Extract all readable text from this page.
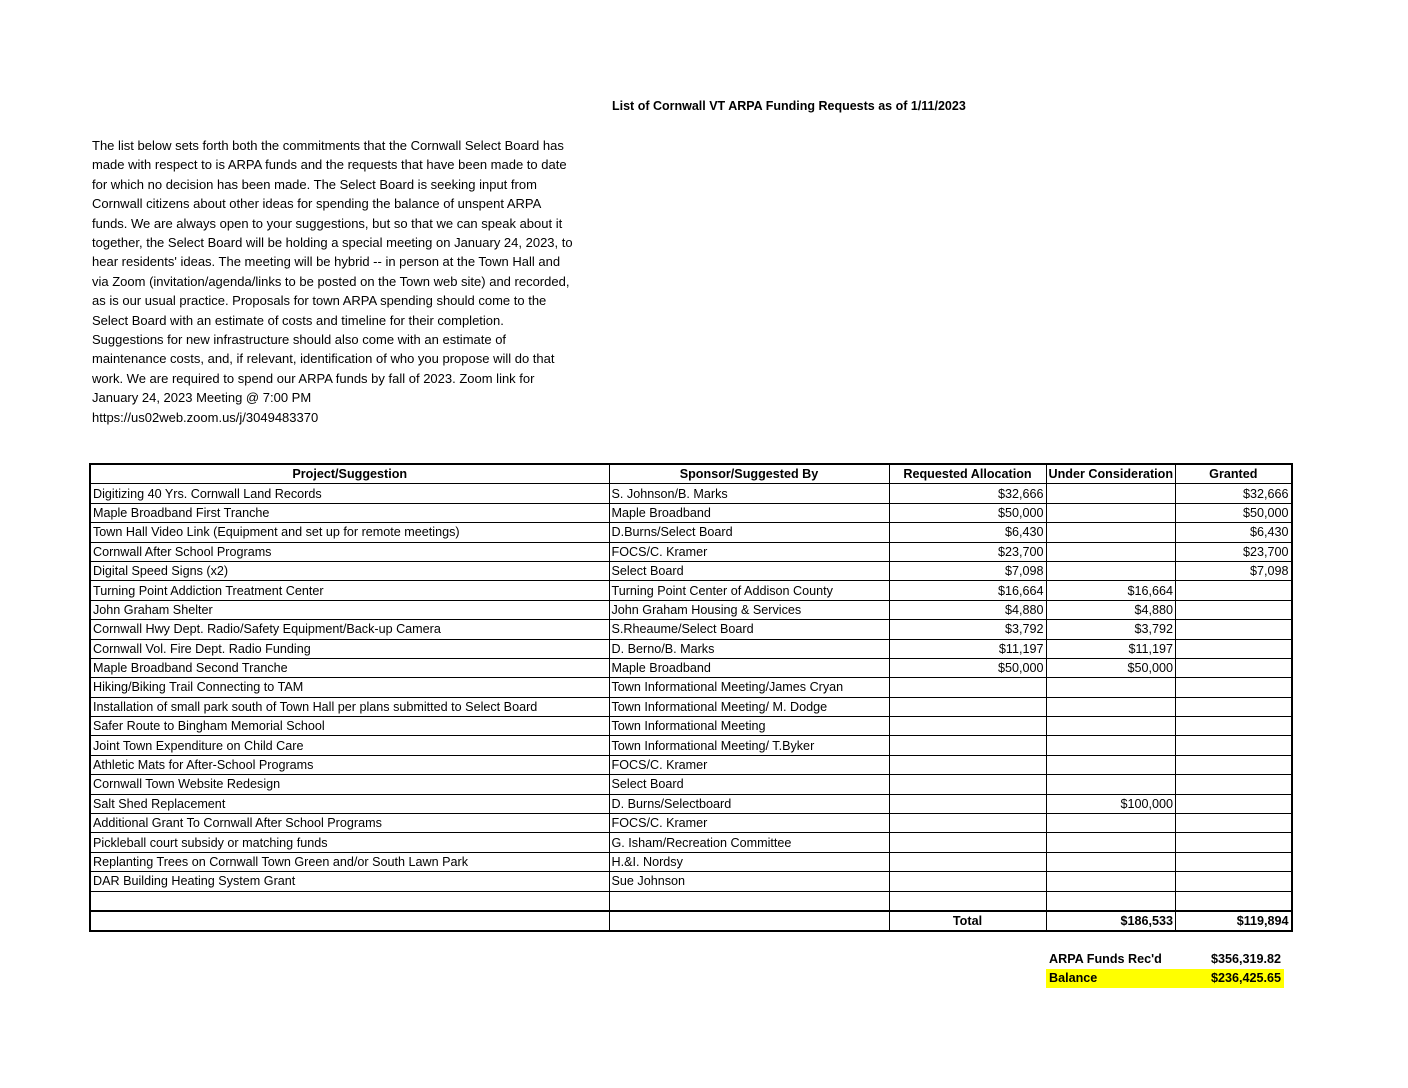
List of Cornwall VT ARPA Funding Requests as of 1/11/2023
The list below sets forth both the commitments that the Cornwall Select Board has
made with respect to is ARPA funds and the requests that have been made to date
for which no decision has been made. The Select Board is seeking input from
Cornwall citizens about other ideas for spending the balance of unspent ARPA
funds. We are always open to your suggestions, but so that we can speak about it
together, the Select Board will be holding a special meeting on January 24, 2023, to
hear residents' ideas. The meeting will be hybrid -- in person at the Town Hall and
via Zoom (invitation/agenda/links to be posted on the Town web site) and recorded,
as is our usual practice. Proposals for town ARPA spending should come to the
Select Board with an estimate of costs and timeline for their completion.
Suggestions for new infrastructure should also come with an estimate of
maintenance costs, and, if relevant, identification of who you propose will do that
work. We are required to spend our ARPA funds by fall of 2023. Zoom link for
January 24, 2023 Meeting @ 7:00 PM
https://us02web.zoom.us/j/3049483370
Project/Suggestion	Sponsor/Suggested By	Requested Allocation	Under Consideration	Granted
Digitizing 40 Yrs. Cornwall Land Records	S. Johnson/B. Marks	$32,666		$32,666
Maple Broadband First Tranche	Maple Broadband	$50,000		$50,000
Town Hall Video Link (Equipment and set up for remote meetings)	D.Burns/Select Board	$6,430		$6,430
Cornwall After School Programs	FOCS/C. Kramer	$23,700		$23,700
Digital Speed Signs (x2)	Select Board	$7,098		$7,098
Turning Point Addiction Treatment Center	Turning Point Center of Addison County	$16,664	$16,664	
John Graham Shelter	John Graham Housing & Services	$4,880	$4,880	
Cornwall Hwy Dept. Radio/Safety Equipment/Back-up Camera	S.Rheaume/Select Board	$3,792	$3,792	
Cornwall Vol. Fire Dept. Radio Funding	D. Berno/B. Marks	$11,197	$11,197	
Maple Broadband Second Tranche	Maple Broadband	$50,000	$50,000	
Hiking/Biking Trail Connecting to TAM	Town Informational Meeting/James Cryan			
Installation of small park south of Town Hall per plans submitted to Select Board	Town Informational Meeting/ M. Dodge			
Safer Route to Bingham Memorial School	Town Informational Meeting			
Joint Town Expenditure on Child Care	Town Informational Meeting/ T.Byker			
Athletic Mats for After-School Programs	FOCS/C. Kramer			
Cornwall Town Website Redesign	Select Board			
Salt Shed Replacement	D. Burns/Selectboard		$100,000	
Additional Grant To Cornwall After School Programs	FOCS/C. Kramer			
Pickleball court subsidy or matching funds	G. Isham/Recreation Committee			
Replanting Trees on Cornwall Town Green and/or South Lawn Park	H.&I. Nordsy			
DAR Building Heating System Grant	Sue Johnson			

		Total	$186,533	$119,894
ARPA Funds Rec'd	$356,319.82
Balance	$236,425.65
